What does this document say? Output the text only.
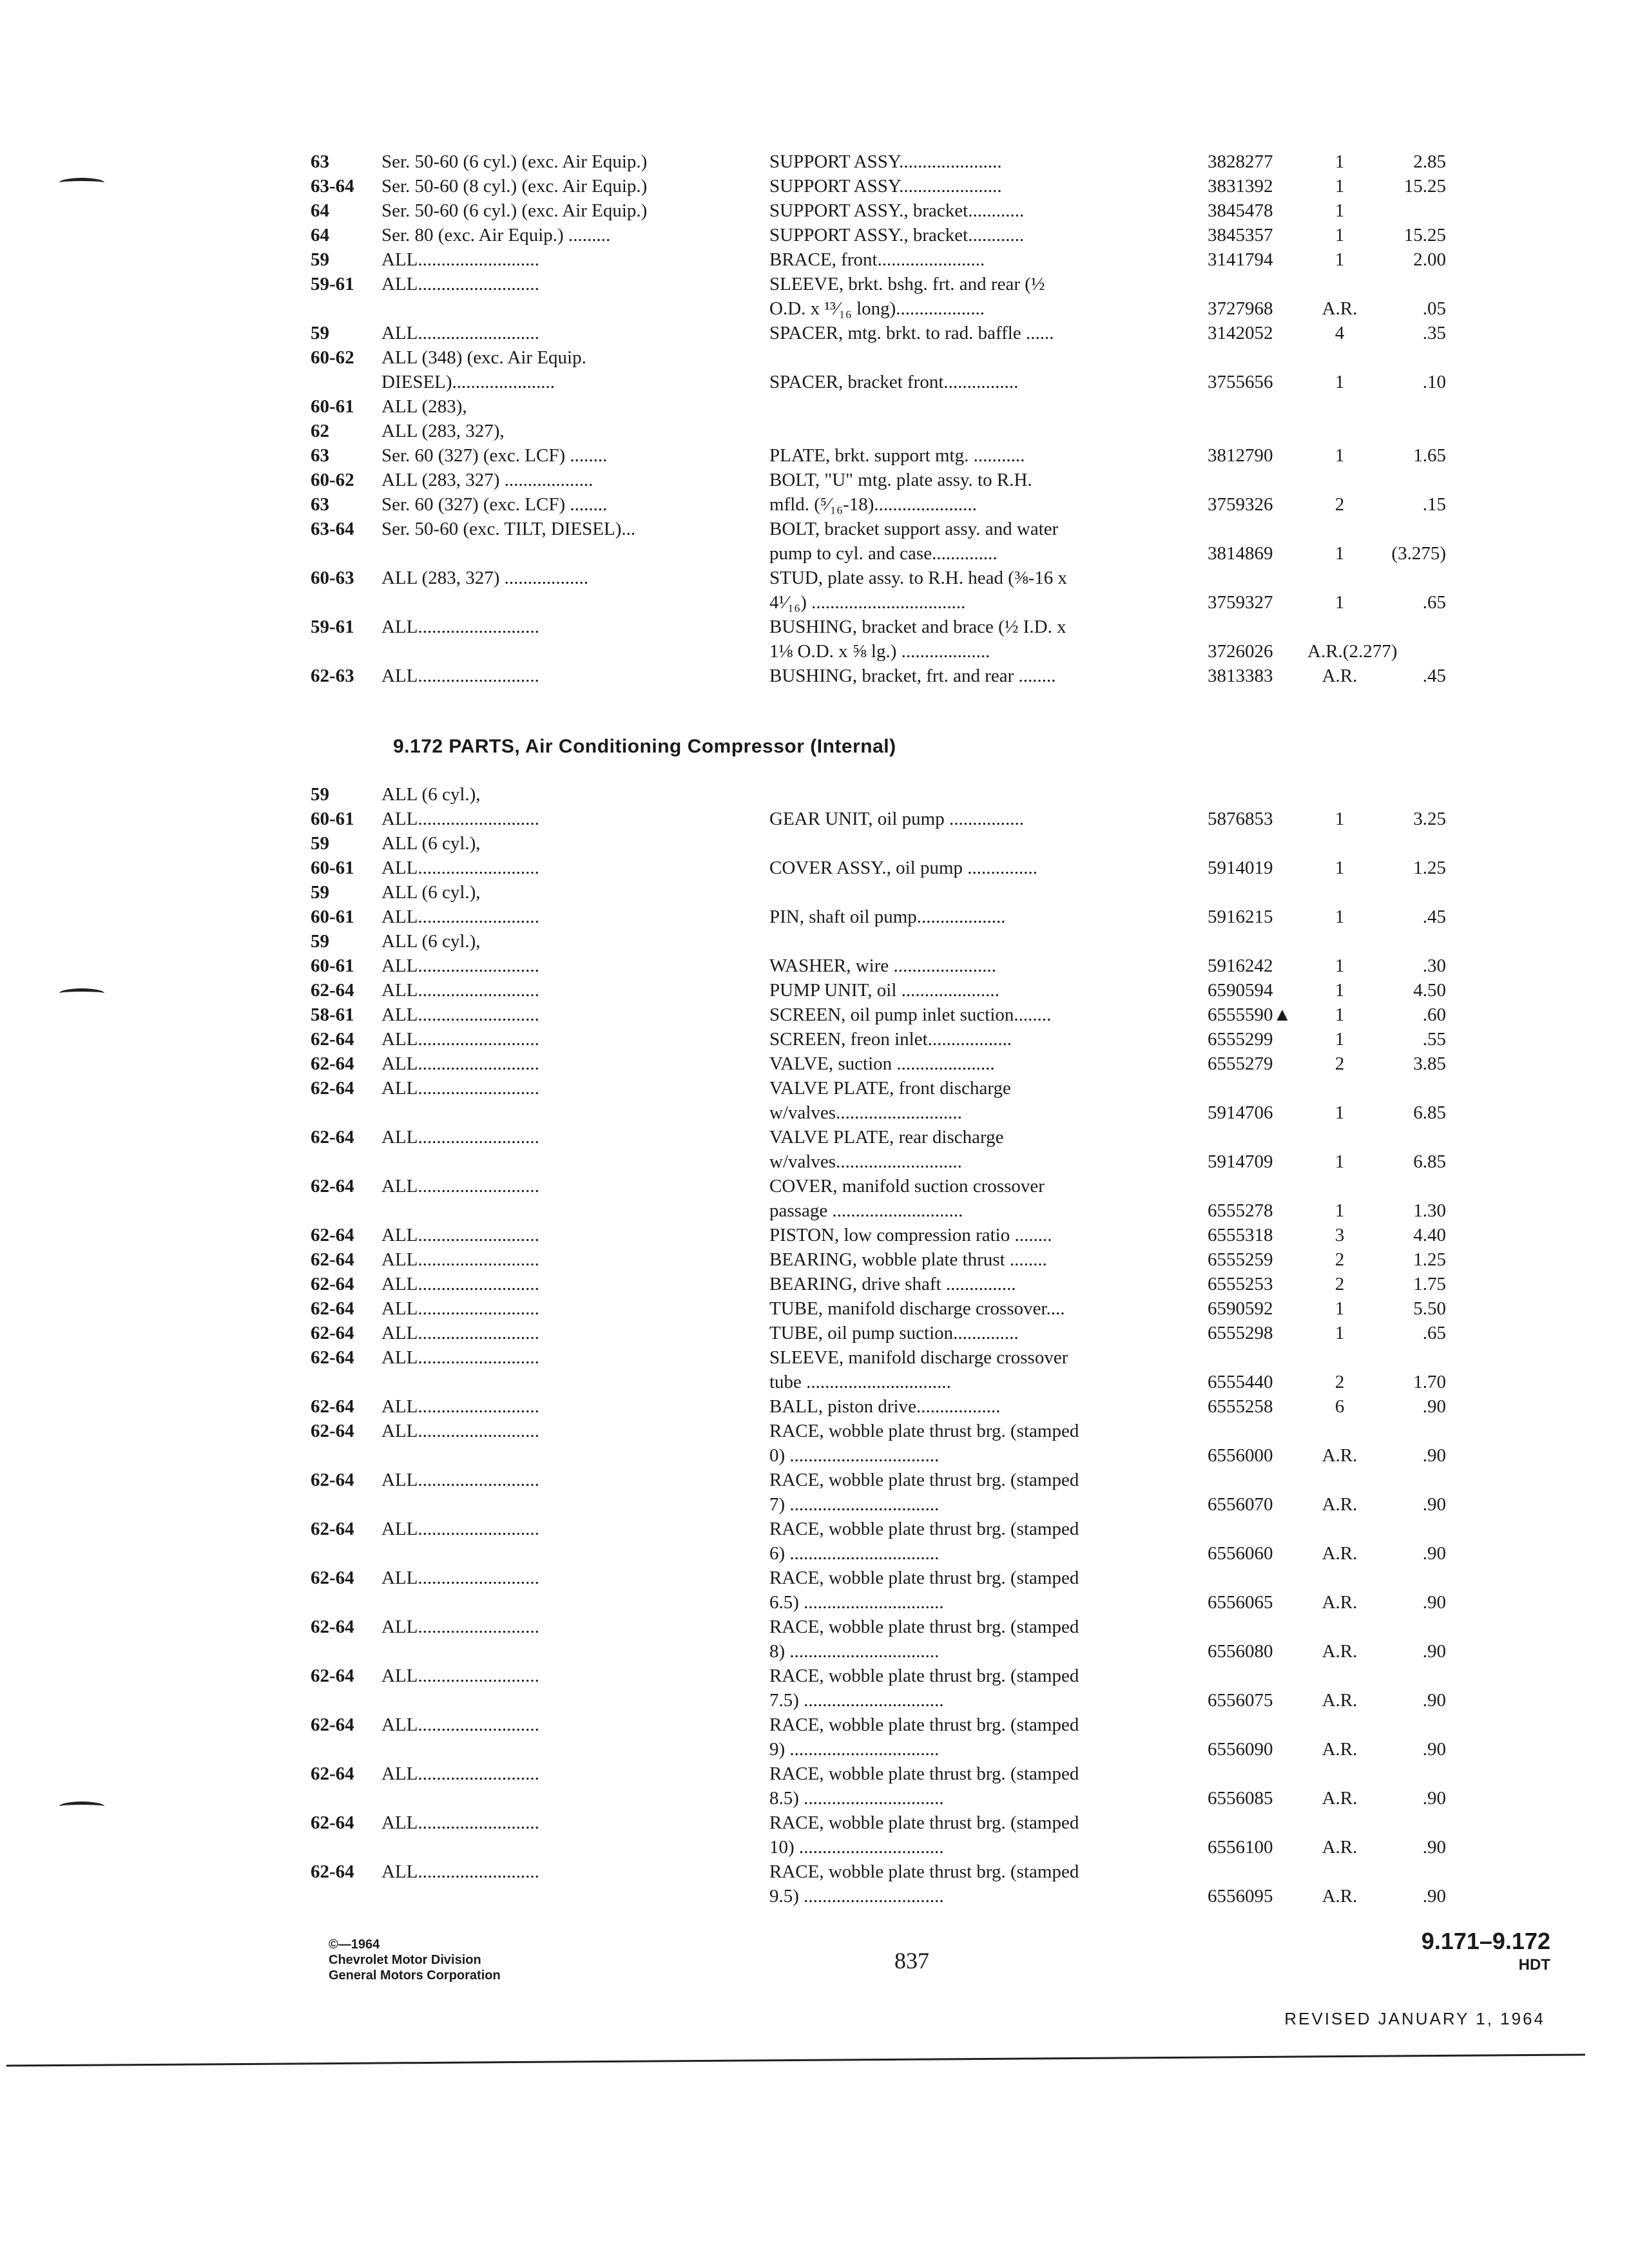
63	Ser. 50-60 (6 cyl.) (exc. Air Equip.)	SUPPORT ASSY......................	3828277	1	2.85
63-64	Ser. 50-60 (8 cyl.) (exc. Air Equip.)	SUPPORT ASSY......................	3831392	1	15.25
64	Ser. 50-60 (6 cyl.) (exc. Air Equip.)	SUPPORT ASSY., bracket............	3845478	1
64	Ser. 80 (exc. Air Equip.) .........	SUPPORT ASSY., bracket............	3845357	1	15.25
59	ALL..........................	BRACE, front.......................	3141794	1	2.00
59-61	ALL..........................	SLEEVE, brkt. bshg. frt. and rear (½
O.D. x ¹³⁄₁₆ long)...................	3727968	A.R.	.05
59	ALL..........................	SPACER, mtg. brkt. to rad. baffle ......	3142052	4	.35
60-62	ALL (348) (exc. Air Equip.
DIESEL)......................	SPACER, bracket front................	3755656	1	.10
60-61	ALL (283),
62	ALL (283, 327),
63	Ser. 60 (327) (exc. LCF) ........	PLATE, brkt. support mtg. ...........	3812790	1	1.65
60-62	ALL (283, 327) ...................	BOLT, "U" mtg. plate assy. to R.H.
63	Ser. 60 (327) (exc. LCF) ........	mfld. (⁵⁄₁₆-18)......................	3759326	2	.15
63-64	Ser. 50-60 (exc. TILT, DIESEL)...	BOLT, bracket support assy. and water
pump to cyl. and case..............	3814869	1	(3.275)
60-63	ALL (283, 327) ..................	STUD, plate assy. to R.H. head (⅜-16 x
4¹⁄₁₆) .................................	3759327	1	.65
59-61	ALL..........................	BUSHING, bracket and brace (½ I.D. x
1⅛ O.D. x ⅝ lg.) ...................	3726026	A.R.(2.277)
62-63	ALL..........................	BUSHING, bracket, frt. and rear ........	3813383	A.R.	.45
9.172 PARTS, Air Conditioning Compressor (Internal)
59	ALL (6 cyl.),
60-61	ALL..........................	GEAR UNIT, oil pump ................	5876853	1	3.25
59	ALL (6 cyl.),
60-61	ALL..........................	COVER ASSY., oil pump ...............	5914019	1	1.25
59	ALL (6 cyl.),
60-61	ALL..........................	PIN, shaft oil pump...................	5916215	1	.45
59	ALL (6 cyl.),
60-61	ALL..........................	WASHER, wire ......................	5916242	1	.30
62-64	ALL..........................	PUMP UNIT, oil .....................	6590594	1	4.50
58-61	ALL..........................	SCREEN, oil pump inlet suction........	6555590▲	1	.60
62-64	ALL..........................	SCREEN, freon inlet..................	6555299	1	.55
62-64	ALL..........................	VALVE, suction .....................	6555279	2	3.85
62-64	ALL..........................	VALVE PLATE, front discharge
w/valves...........................	5914706	1	6.85
62-64	ALL..........................	VALVE PLATE, rear discharge
w/valves...........................	5914709	1	6.85
62-64	ALL..........................	COVER, manifold suction crossover
passage ............................	6555278	1	1.30
62-64	ALL..........................	PISTON, low compression ratio ........	6555318	3	4.40
62-64	ALL..........................	BEARING, wobble plate thrust ........	6555259	2	1.25
62-64	ALL..........................	BEARING, drive shaft ...............	6555253	2	1.75
62-64	ALL..........................	TUBE, manifold discharge crossover....	6590592	1	5.50
62-64	ALL..........................	TUBE, oil pump suction..............	6555298	1	.65
62-64	ALL..........................	SLEEVE, manifold discharge crossover
tube ...............................	6555440	2	1.70
62-64	ALL..........................	BALL, piston drive..................	6555258	6	.90
62-64	ALL..........................	RACE, wobble plate thrust brg. (stamped
0) ................................	6556000	A.R.	.90
62-64	ALL..........................	RACE, wobble plate thrust brg. (stamped
7) ................................	6556070	A.R.	.90
62-64	ALL..........................	RACE, wobble plate thrust brg. (stamped
6) ................................	6556060	A.R.	.90
62-64	ALL..........................	RACE, wobble plate thrust brg. (stamped
6.5) ..............................	6556065	A.R.	.90
62-64	ALL..........................	RACE, wobble plate thrust brg. (stamped
8) ................................	6556080	A.R.	.90
62-64	ALL..........................	RACE, wobble plate thrust brg. (stamped
7.5) ..............................	6556075	A.R.	.90
62-64	ALL..........................	RACE, wobble plate thrust brg. (stamped
9) ................................	6556090	A.R.	.90
62-64	ALL..........................	RACE, wobble plate thrust brg. (stamped
8.5) ..............................	6556085	A.R.	.90
62-64	ALL..........................	RACE, wobble plate thrust brg. (stamped
10) ...............................	6556100	A.R.	.90
62-64	ALL..........................	RACE, wobble plate thrust brg. (stamped
9.5) ..............................	6556095	A.R.	.90
©—1964
Chevrolet Motor Division
General Motors Corporation
837
9.171–9.172
HDT
REVISED JANUARY 1, 1964
